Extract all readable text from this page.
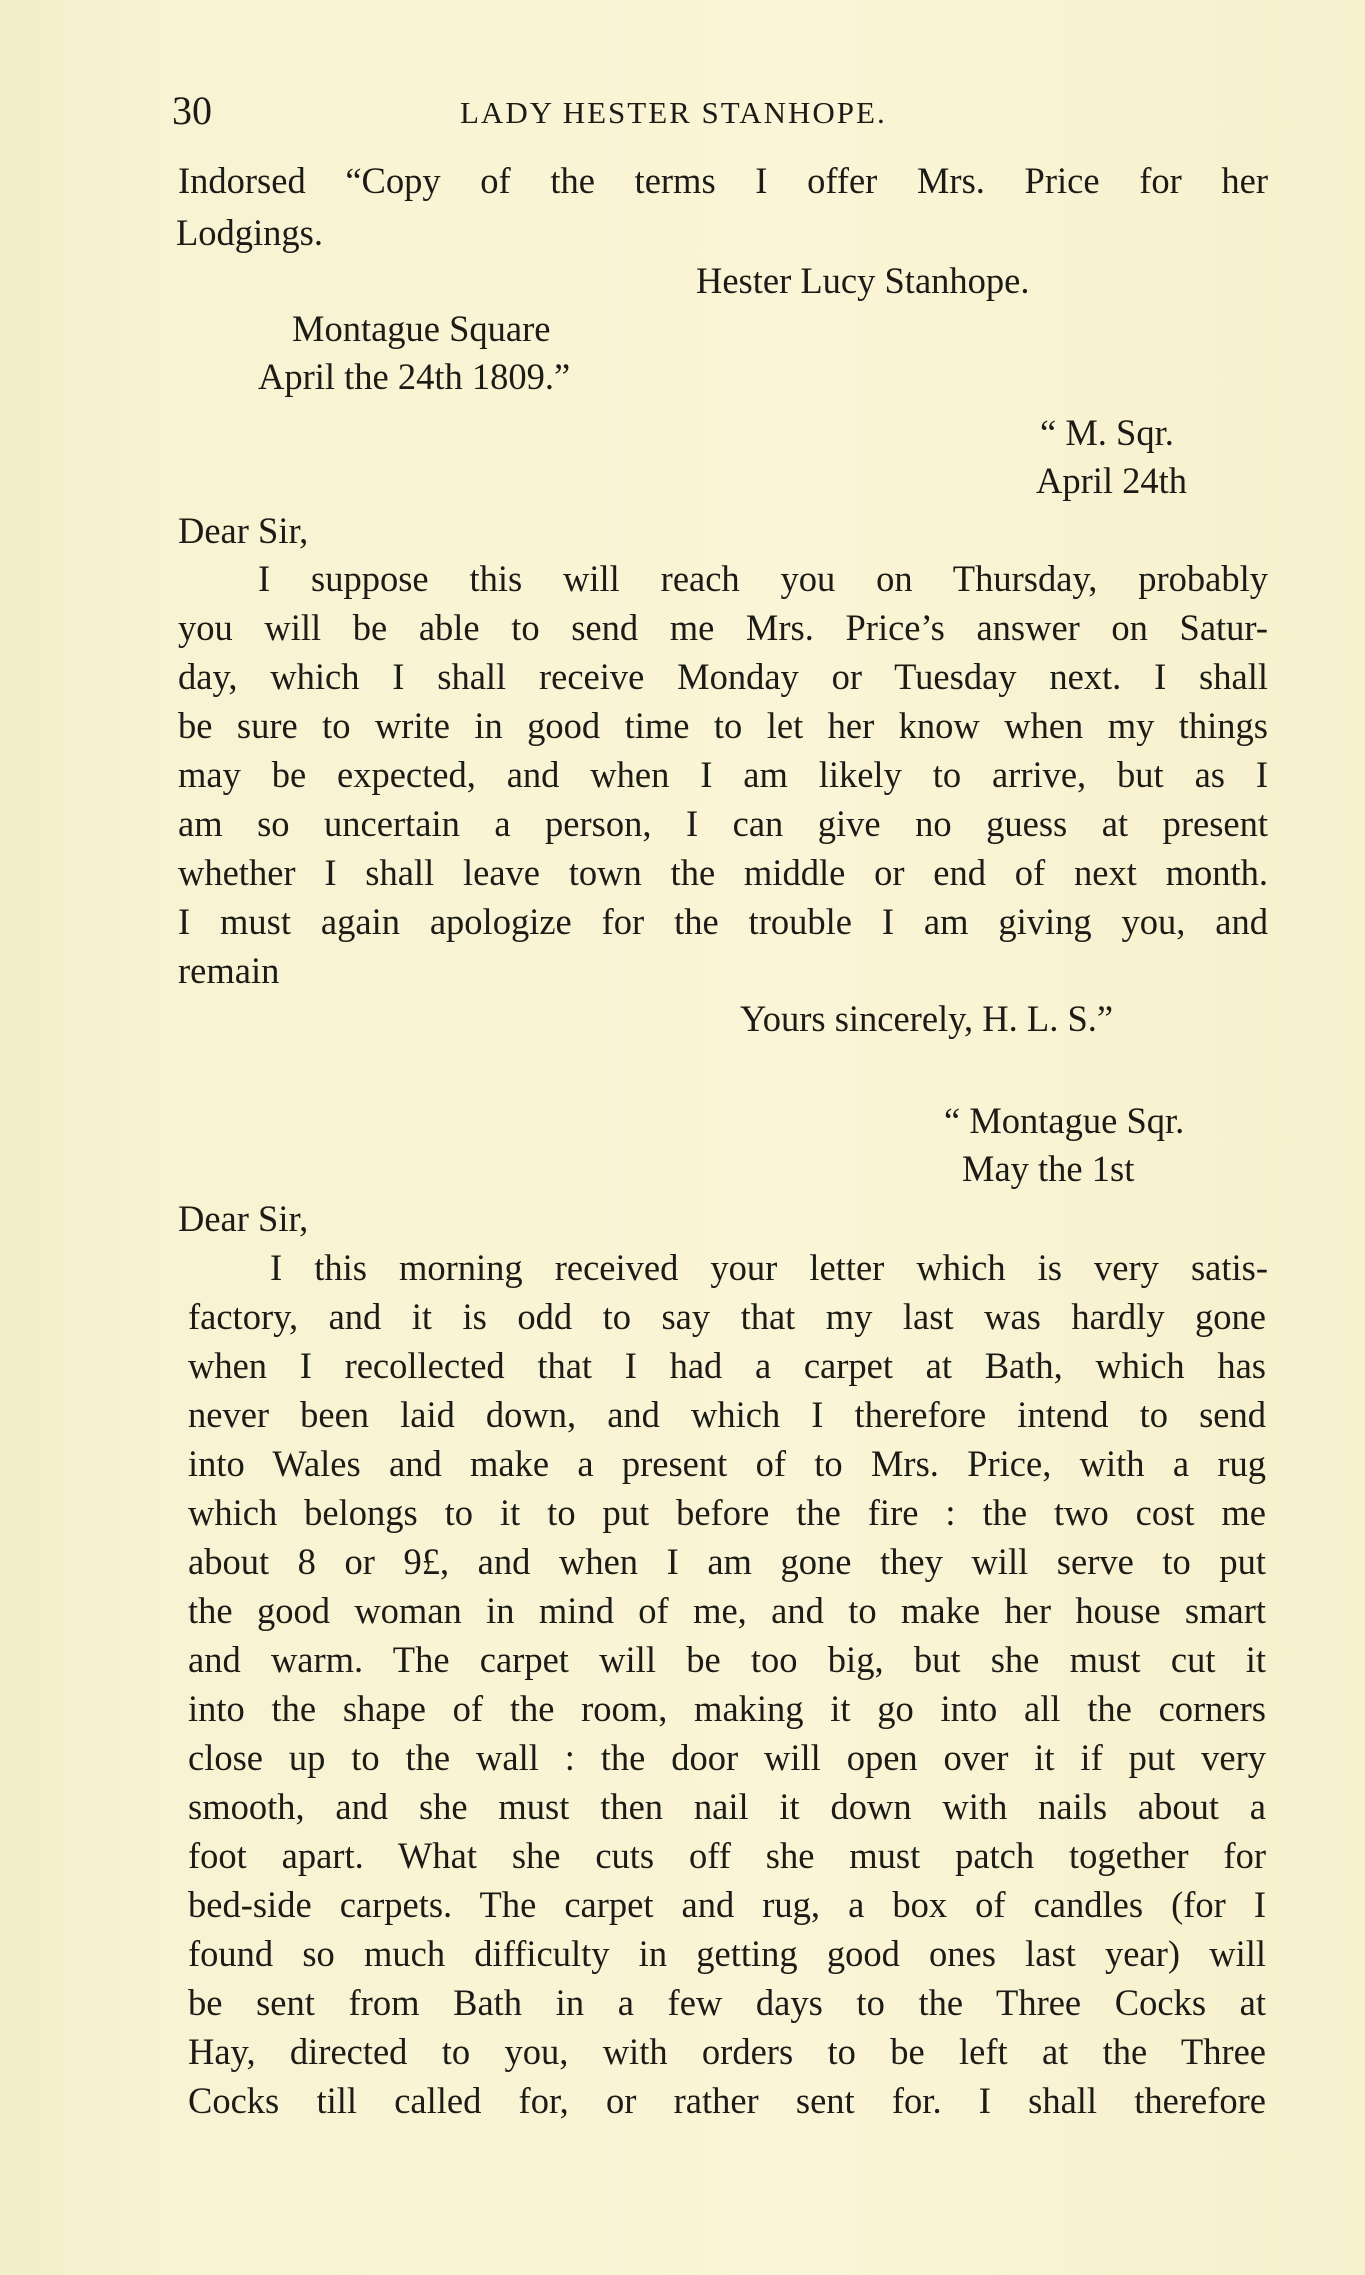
30	LADY HESTER STANHOPE.
Indorsed “Copy of the terms I offer Mrs. Price for her
Lodgings.
Hester Lucy Stanhope.
Montague Square
April the 24th 1809.”
“ M. Sqr.
April 24th
Dear Sir,
I suppose this will reach you on Thursday, probably
you will be able to send me Mrs. Price’s answer on Satur-
day, which I shall receive Monday or Tuesday next. I shall
be sure to write in good time to let her know when my things
may be expected, and when I am likely to arrive, but as I
am so uncertain a person, I can give no guess at present
whether I shall leave town the middle or end of next month.
I must again apologize for the trouble I am giving you, and
remain
Yours sincerely, H. L. S.”
“ Montague Sqr.
May the 1st
Dear Sir,
I this morning received your letter which is very satis-
factory, and it is odd to say that my last was hardly gone
when I recollected that I had a carpet at Bath, which has
never been laid down, and which I therefore intend to send
into Wales and make a present of to Mrs. Price, with a rug
which belongs to it to put before the fire : the two cost me
about 8 or 9£, and when I am gone they will serve to put
the good woman in mind of me, and to make her house smart
and warm. The carpet will be too big, but she must cut it
into the shape of the room, making it go into all the corners
close up to the wall : the door will open over it if put very
smooth, and she must then nail it down with nails about a
foot apart. What she cuts off she must patch together for
bed-side carpets. The carpet and rug, a box of candles (for I
found so much difficulty in getting good ones last year) will
be sent from Bath in a few days to the Three Cocks at
Hay, directed to you, with orders to be left at the Three
Cocks till called for, or rather sent for. I shall therefore
